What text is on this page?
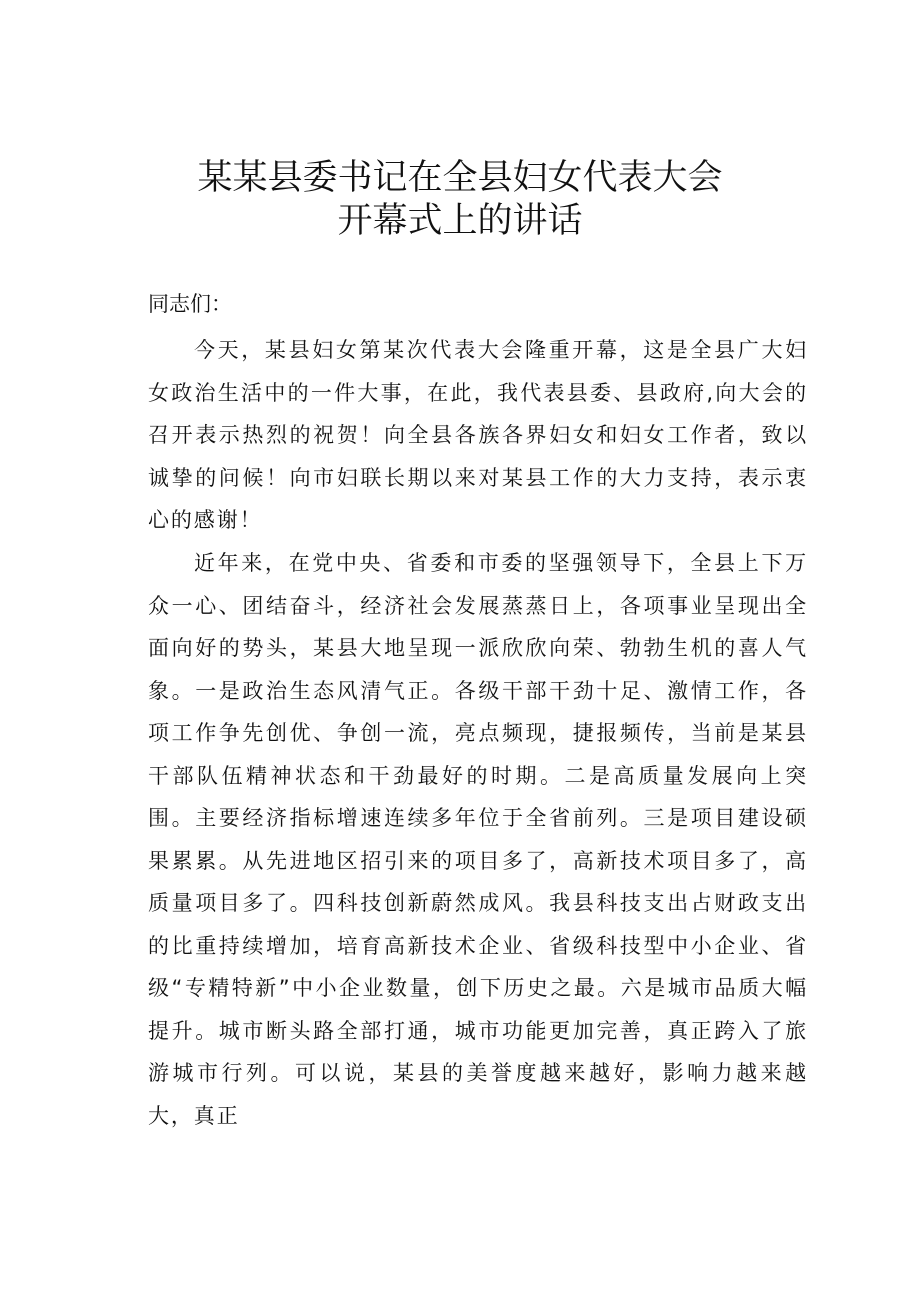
某某县委书记在全县妇女代表大会
开幕式上的讲话
同志们：

今天，某县妇女第某次代表大会隆重开幕，这是全县广大妇女政治生活中的一件大事，在此，我代表县委、县政府,向大会的召开表示热烈的祝贺！向全县各族各界妇女和妇女工作者，致以诚挚的问候！向市妇联长期以来对某县工作的大力支持，表示衷心的感谢！

近年来，在党中央、省委和市委的坚强领导下，全县上下万众一心、团结奋斗，经济社会发展蒸蒸日上，各项事业呈现出全面向好的势头，某县大地呈现一派欣欣向荣、勃勃生机的喜人气象。一是政治生态风清气正。各级干部干劲十足、激情工作，各项工作争先创优、争创一流，亮点频现，捷报频传，当前是某县干部队伍精神状态和干劲最好的时期。二是高质量发展向上突围。主要经济指标增速连续多年位于全省前列。三是项目建设硕果累累。从先进地区招引来的项目多了，高新技术项目多了，高质量项目多了。四科技创新蔚然成风。我县科技支出占财政支出的比重持续增加，培育高新技术企业、省级科技型中小企业、省级“专精特新”中小企业数量，创下历史之最。六是城市品质大幅提升。城市断头路全部打通，城市功能更加完善，真正跨入了旅游城市行列。可以说，某县的美誉度越来越好，影响力越来越大，真正
